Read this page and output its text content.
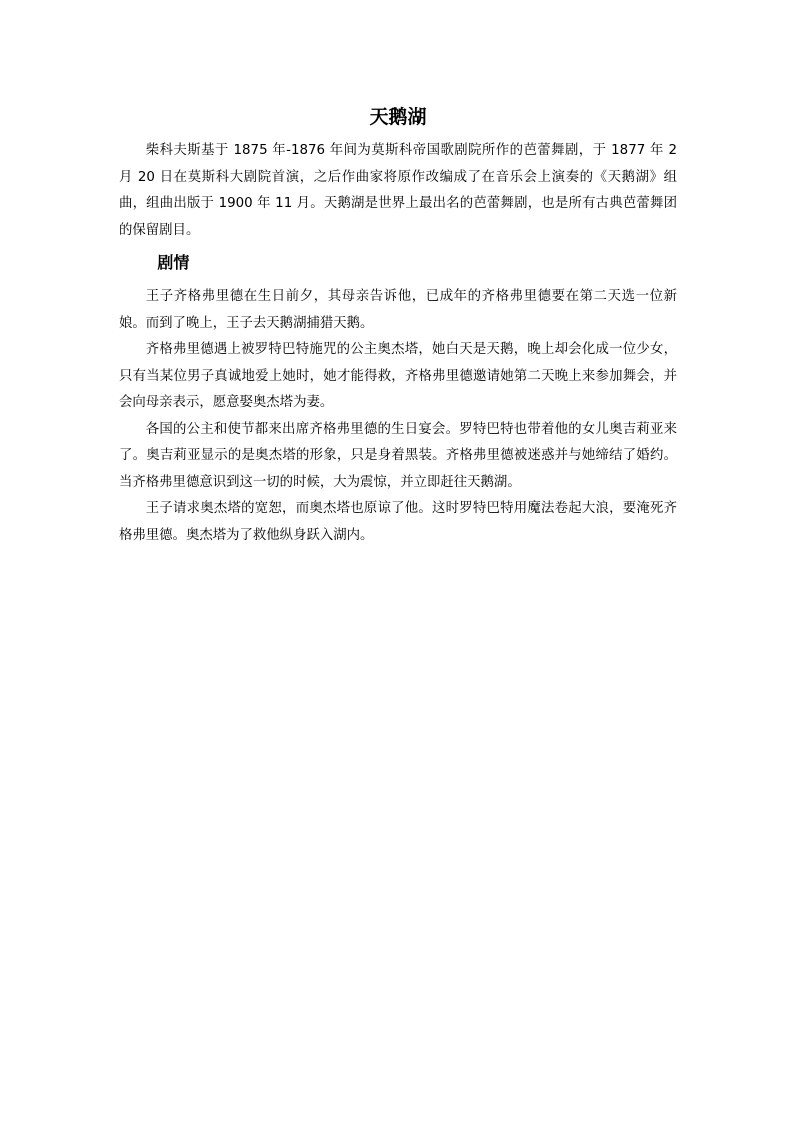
天鹅湖

柴科夫斯基于 1875 年-1876 年间为莫斯科帝国歌剧院所作的芭蕾舞剧，于 1877 年 2 月 20 日在莫斯科大剧院首演，之后作曲家将原作改编成了在音乐会上演奏的《天鹅湖》组曲，组曲出版于 1900 年 11 月。天鹅湖是世界上最出名的芭蕾舞剧，也是所有古典芭蕾舞团的保留剧目。

剧情

王子齐格弗里德在生日前夕，其母亲告诉他，已成年的齐格弗里德要在第二天选一位新娘。而到了晚上，王子去天鹅湖捕猎天鹅。

齐格弗里德遇上被罗特巴特施咒的公主奥杰塔，她白天是天鹅，晚上却会化成一位少女，只有当某位男子真诚地爱上她时，她才能得救，齐格弗里德邀请她第二天晚上来参加舞会，并会向母亲表示，愿意娶奥杰塔为妻。

各国的公主和使节都来出席齐格弗里德的生日宴会。罗特巴特也带着他的女儿奥吉莉亚来了。奥吉莉亚显示的是奥杰塔的形象，只是身着黑装。齐格弗里德被迷惑并与她缔结了婚约。当齐格弗里德意识到这一切的时候，大为震惊，并立即赶往天鹅湖。

王子请求奥杰塔的宽恕，而奥杰塔也原谅了他。这时罗特巴特用魔法卷起大浪，要淹死齐格弗里德。奥杰塔为了救他纵身跃入湖内。
